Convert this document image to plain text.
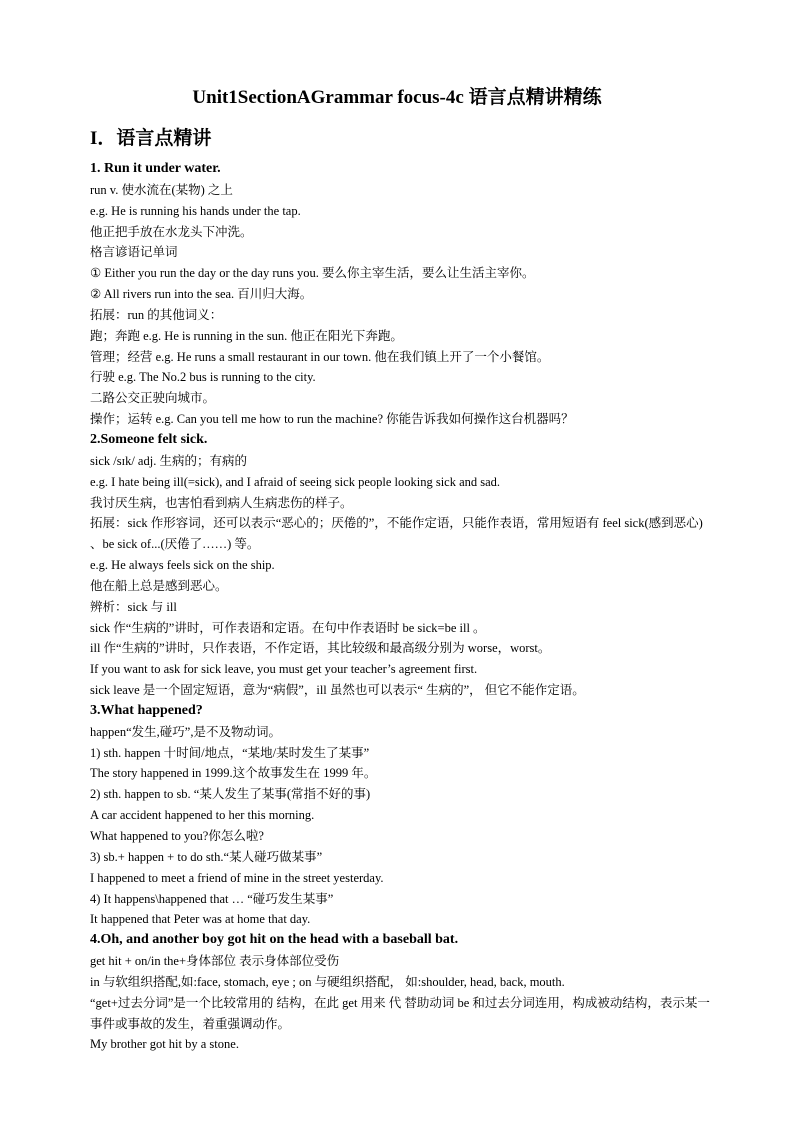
Unit1SectionAGrammar focus-4c 语言点精讲精练
I．语言点精讲
1. Run it under water.
run v. 使水流在(某物) 之上
e.g. He is running his hands under the tap.
他正把手放在水龙头下冲洗。
格言谚语记单词
① Either you run the day or the day runs you. 要么你主宰生活，要么让生活主宰你。
② All rivers run into the sea. 百川归大海。
拓展：run 的其他词义：
跑；奔跑 e.g. He is running in the sun. 他正在阳光下奔跑。
管理；经营 e.g. He runs a small restaurant in our town. 他在我们镇上开了一个小餐馆。
行驶 e.g. The No.2 bus is running to the city.
二路公交正驶向城市。
操作；运转 e.g. Can you tell me how to run the machine? 你能告诉我如何操作这台机器吗？
2.Someone felt sick.
sick /sɪk/ adj. 生病的；有病的
e.g. I hate being ill(=sick), and I afraid of seeing sick people looking sick and sad.
我讨厌生病，也害怕看到病人生病悲伤的样子。
拓展：sick 作形容词，还可以表示“恶心的；厌倦的”，不能作定语，只能作表语，常用短语有 feel sick(感到恶心) 、be sick of...(厌倦了……) 等。
e.g. He always feels sick on the ship.
他在船上总是感到恶心。
辨析：sick 与 ill
sick 作“生病的”讲时，可作表语和定语。在句中作表语时 be sick=be ill 。
ill 作“生病的”讲时，只作表语，不作定语，其比较级和最高级分别为 worse，worst。
If you want to ask for sick leave, you must get your teacher’s agreement first.
sick leave 是一个固定短语，意为“病假”，ill 虽然也可以表示“ 生病的”， 但它不能作定语。
3.What happened?
happen“发生,碰巧”,是不及物动词。
1) sth. happen 十时间/地点，“某地/某时发生了某事”
The story happened in 1999.这个故事发生在 1999 年。
2) sth. happen to sb. “某人发生了某事(常指不好的事)
A car accident happened to her this morning.
What happened to you?你怎么啦?
3) sb.+ happen + to do sth.“某人碰巧做某事”
I happened to meet a friend of mine in the street yesterday.
4) It happens\happened that … “碰巧发生某事”
It happened that Peter was at home that day.
4.Oh, and another boy got hit on the head with a baseball bat.
get hit + on/in the+身体部位 表示身体部位受伤
in 与软组织搭配,如:face, stomach, eye ; on 与硬组织搭配， 如:shoulder, head, back, mouth.
“get+过去分词”是一个比较常用的 结构，在此 get 用来 代 替助动词 be 和过去分词连用，构成被动结构，表示某一事件或事故的发生，着重强调动作。
My brother got hit by a stone.
